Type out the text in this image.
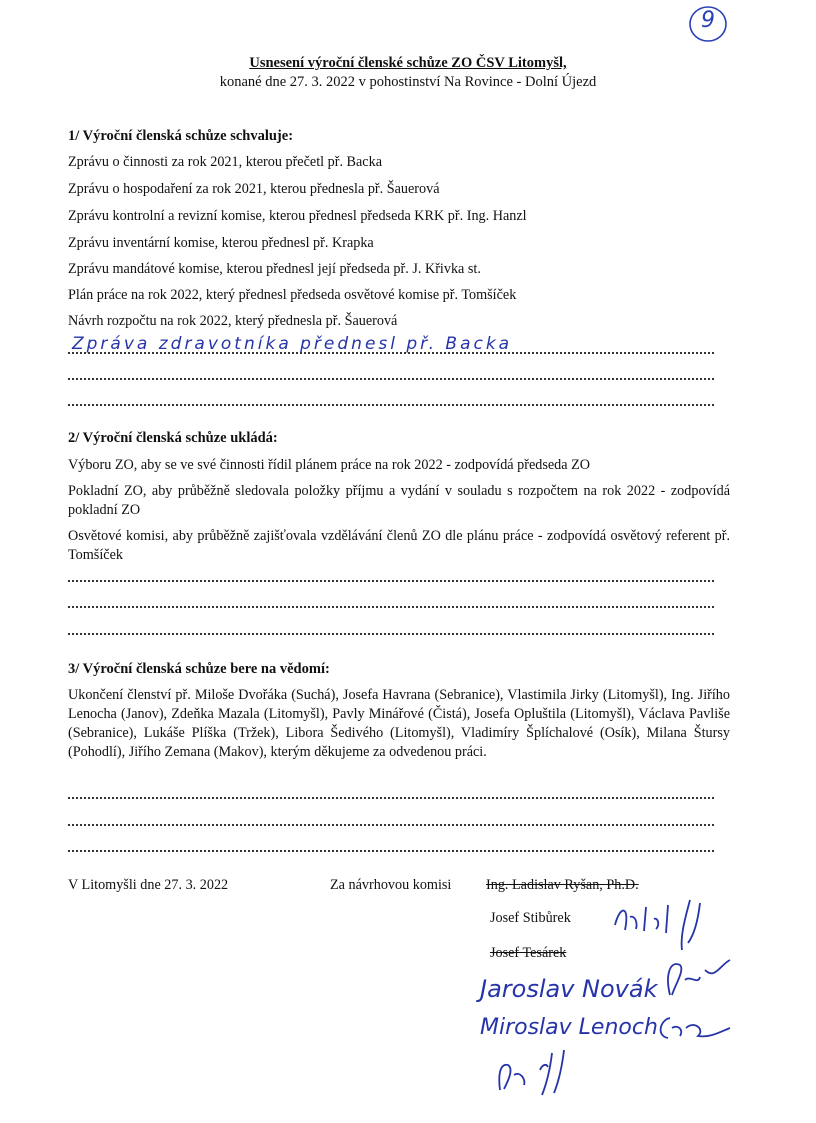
9
Usnesení výroční členské schůze ZO ČSV Litomyšl,
konané dne 27. 3. 2022 v pohostinství Na Rovince - Dolní Újezd
1/ Výroční členská schůze schvaluje:
Zprávu o činnosti za rok 2021, kterou přečetl př. Backa
Zprávu o hospodaření za rok 2021, kterou přednesla př. Šauerová
Zprávu kontrolní a revizní komise, kterou přednesl předseda KRK př. Ing. Hanzl
Zprávu inventární komise, kterou přednesl př. Krapka
Zprávu mandátové komise, kterou přednesl její předseda př. J. Křivka st.
Plán práce na rok 2022, který přednesl předseda osvětové komise př. Tomšíček
Návrh rozpočtu na rok 2022, který přednesla př. Šauerová
Zpráva zdravotníka přednesl př. Backa
2/ Výroční členská schůze ukládá:
Výboru ZO, aby se ve své činnosti řídil plánem práce na rok 2022 - zodpovídá předseda ZO
Pokladní ZO, aby průběžně sledovala položky příjmu a vydání v souladu s rozpočtem na rok 2022 - zodpovídá pokladní ZO
Osvětové komisi, aby průběžně zajišťovala vzdělávání členů ZO dle plánu práce - zodpovídá osvětový referent př. Tomšíček
3/ Výroční členská schůze bere na vědomí:
Ukončení členství př. Miloše Dvořáka (Suchá), Josefa Havrana (Sebranice), Vlastimila Jirky (Litomyšl), Ing. Jiřího Lenocha (Janov), Zdeňka Mazala (Litomyšl), Pavly Minářové (Čistá), Josefa Opluštila (Litomyšl), Václava Pavliše (Sebranice), Lukáše Plíška (Tržek), Libora Šedivého (Litomyšl), Vladimíry Šplíchalové (Osík), Milana Štursy (Pohodlí), Jiřího Zemana (Makov), kterým děkujeme za odvedenou práci.
V Litomyšli dne 27. 3. 2022	Za návrhovou komisi Ing. Ladislav Ryšan, Ph.D.
Josef Stibůrek
Josef Tesárek
Jaroslav Novák
Miroslav Lenoch
